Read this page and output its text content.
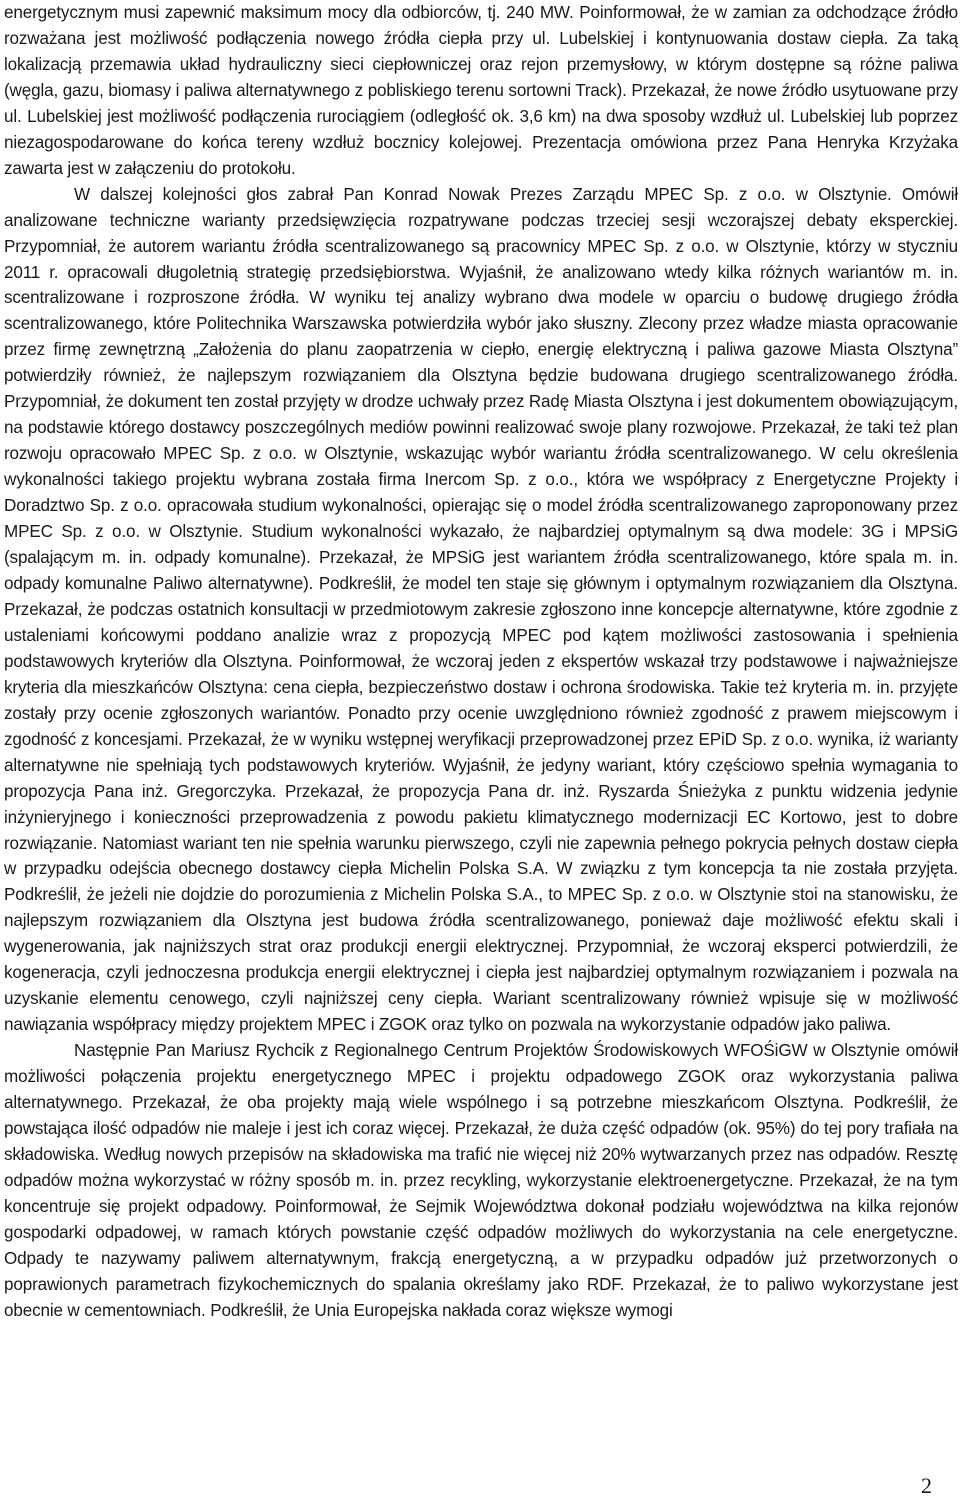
energetycznym musi zapewnić maksimum mocy dla odbiorców, tj. 240 MW. Poinformował, że w zamian za odchodzące źródło rozważana jest możliwość podłączenia nowego źródła ciepła przy ul. Lubelskiej i kontynuowania dostaw ciepła. Za taką lokalizacją przemawia układ hydrauliczny sieci ciepłowniczej oraz rejon przemysłowy, w którym dostępne są różne paliwa (węgla, gazu, biomasy i paliwa alternatywnego z pobliskiego terenu sortowni Track). Przekazał, że nowe źródło usytuowane przy ul. Lubelskiej jest możliwość podłączenia rurociągiem (odległość ok. 3,6 km) na dwa sposoby wzdłuż ul. Lubelskiej lub poprzez niezagospodarowane do końca tereny wzdłuż bocznicy kolejowej. Prezentacja omówiona przez Pana Henryka Krzyżaka zawarta jest w załączeniu do protokołu.

W dalszej kolejności głos zabrał Pan Konrad Nowak Prezes Zarządu MPEC Sp. z o.o. w Olsztynie. Omówił analizowane techniczne warianty przedsięwzięcia rozpatrywane podczas trzeciej sesji wczorajszej debaty eksperckiej. Przypomniał, że autorem wariantu źródła scentralizowanego są pracownicy MPEC Sp. z o.o. w Olsztynie, którzy w styczniu 2011 r. opracowali długoletnią strategię przedsiębiorstwa. Wyjaśnił, że analizowano wtedy kilka różnych wariantów m. in. scentralizowane i rozproszone źródła. W wyniku tej analizy wybrano dwa modele w oparciu o budowę drugiego źródła scentralizowanego, które Politechnika Warszawska potwierdziła wybór jako słuszny. Zlecony przez władze miasta opracowanie przez firmę zewnętrzną „Założenia do planu zaopatrzenia w ciepło, energię elektryczną i paliwa gazowe Miasta Olsztyna” potwierdziły również, że najlepszym rozwiązaniem dla Olsztyna będzie budowana drugiego scentralizowanego źródła. Przypomniał, że dokument ten został przyjęty w drodze uchwały przez Radę Miasta Olsztyna i jest dokumentem obowiązującym, na podstawie którego dostawcy poszczególnych mediów powinni realizować swoje plany rozwojowe. Przekazał, że taki też plan rozwoju opracowało MPEC Sp. z o.o. w Olsztynie, wskazując wybór wariantu źródła scentralizowanego. W celu określenia wykonalności takiego projektu wybrana została firma Inercom Sp. z o.o., która we współpracy z Energetyczne Projekty i Doradztwo Sp. z o.o. opracowała studium wykonalności, opierając się o model źródła scentralizowanego zaproponowany przez MPEC Sp. z o.o. w Olsztynie. Studium wykonalności wykazało, że najbardziej optymalnym są dwa modele: 3G i MPSiG (spalającym m. in. odpady komunalne). Przekazał, że MPSiG jest wariantem źródła scentralizowanego, które spala m. in. odpady komunalne Paliwo alternatywne). Podkreślił, że model ten staje się głównym i optymalnym rozwiązaniem dla Olsztyna. Przekazał, że podczas ostatnich konsultacji w przedmiotowym zakresie zgłoszono inne koncepcje alternatywne, które zgodnie z ustaleniami końcowymi poddano analizie wraz z propozycją MPEC pod kątem możliwości zastosowania i spełnienia podstawowych kryteriów dla Olsztyna. Poinformował, że wczoraj jeden z ekspertów wskazał trzy podstawowe i najważniejsze kryteria dla mieszkańców Olsztyna: cena ciepła, bezpieczeństwo dostaw i ochrona środowiska. Takie też kryteria m. in. przyjęte zostały przy ocenie zgłoszonych wariantów. Ponadto przy ocenie uwzględniono również zgodność z prawem miejscowym i zgodność z koncesjami. Przekazał, że w wyniku wstępnej weryfikacji przeprowadzonej przez EPiD Sp. z o.o. wynika, iż warianty alternatywne nie spełniają tych podstawowych kryteriów. Wyjaśnił, że jedyny wariant, który częściowo spełnia wymagania to propozycja Pana inż. Gregorczyka. Przekazał, że propozycja Pana dr. inż. Ryszarda Śnieżyka z punktu widzenia jedynie inżynieryjnego i konieczności przeprowadzenia z powodu pakietu klimatycznego modernizacji EC Kortowo, jest to dobre rozwiązanie. Natomiast wariant ten nie spełnia warunku pierwszego, czyli nie zapewnia pełnego pokrycia pełnych dostaw ciepła w przypadku odejścia obecnego dostawcy ciepła Michelin Polska S.A. W związku z tym koncepcja ta nie została przyjęta. Podkreślił, że jeżeli nie dojdzie do porozumienia z Michelin Polska S.A., to MPEC Sp. z o.o. w Olsztynie stoi na stanowisku, że najlepszym rozwiązaniem dla Olsztyna jest budowa źródła scentralizowanego, ponieważ daje możliwość efektu skali i wygenerowania, jak najniższych strat oraz produkcji energii elektrycznej. Przypomniał, że wczoraj eksperci potwierdzili, że kogeneracja, czyli jednoczesna produkcja energii elektrycznej i ciepła jest najbardziej optymalnym rozwiązaniem i pozwala na uzyskanie elementu cenowego, czyli najniższej ceny ciepła. Wariant scentralizowany również wpisuje się w możliwość nawiązania współpracy między projektem MPEC i ZGOK oraz tylko on pozwala na wykorzystanie odpadów jako paliwa.

Następnie Pan Mariusz Rychcik z Regionalnego Centrum Projektów Środowiskowych WFOŚiGW w Olsztynie omówił możliwości połączenia projektu energetycznego MPEC i projektu odpadowego ZGOK oraz wykorzystania paliwa alternatywnego. Przekazał, że oba projekty mają wiele wspólnego i są potrzebne mieszkańcom Olsztyna. Podkreślił, że powstająca ilość odpadów nie maleje i jest ich coraz więcej. Przekazał, że duża część odpadów (ok. 95%) do tej pory trafiała na składowiska. Według nowych przepisów na składowiska ma trafić nie więcej niż 20% wytwarzanych przez nas odpadów. Resztę odpadów można wykorzystać w różny sposób m. in. przez recykling, wykorzystanie elektroenergetyczne. Przekazał, że na tym koncentruje się projekt odpadowy. Poinformował, że Sejmik Województwa dokonał podziału województwa na kilka rejonów gospodarki odpadowej, w ramach których powstanie część odpadów możliwych do wykorzystania na cele energetyczne. Odpady te nazywamy paliwem alternatywnym, frakcją energetyczną, a w przypadku odpadów już przetworzonych o poprawionych parametrach fizykochemicznych do spalania określamy jako RDF. Przekazał, że to paliwo wykorzystane jest obecnie w cementowniach. Podkreślił, że Unia Europejska nakłada coraz większe wymogi

2
